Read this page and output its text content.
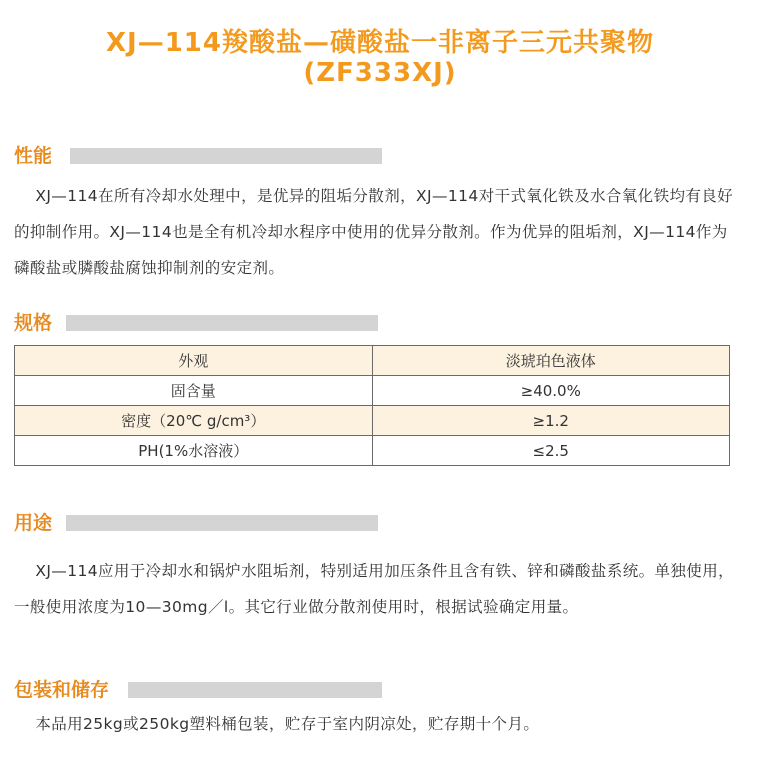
XJ—114羧酸盐—磺酸盐一非离子三元共聚物
(ZF333XJ)
性能
XJ—114在所有冷却水处理中，是优异的阻垢分散剂，XJ—114对干式氧化铁及水合氧化铁均有良好的抑制作用。XJ—114也是全有机冷却水程序中使用的优异分散剂。作为优异的阻垢剂，XJ—114作为磷酸盐或膦酸盐腐蚀抑制剂的安定剂。
规格
外观	淡琥珀色液体
固含量	≥40.0%
密度（20℃ g/cm³）	≥1.2
PH(1%水溶液）	≤2.5
用途
XJ—114应用于冷却水和锅炉水阻垢剂，特别适用加压条件且含有铁、锌和磷酸盐系统。单独使用，一般使用浓度为10—30mg／l。其它行业做分散剂使用时，根据试验确定用量。
包装和储存
本品用25kg或250kg塑料桶包装，贮存于室内阴凉处，贮存期十个月。
